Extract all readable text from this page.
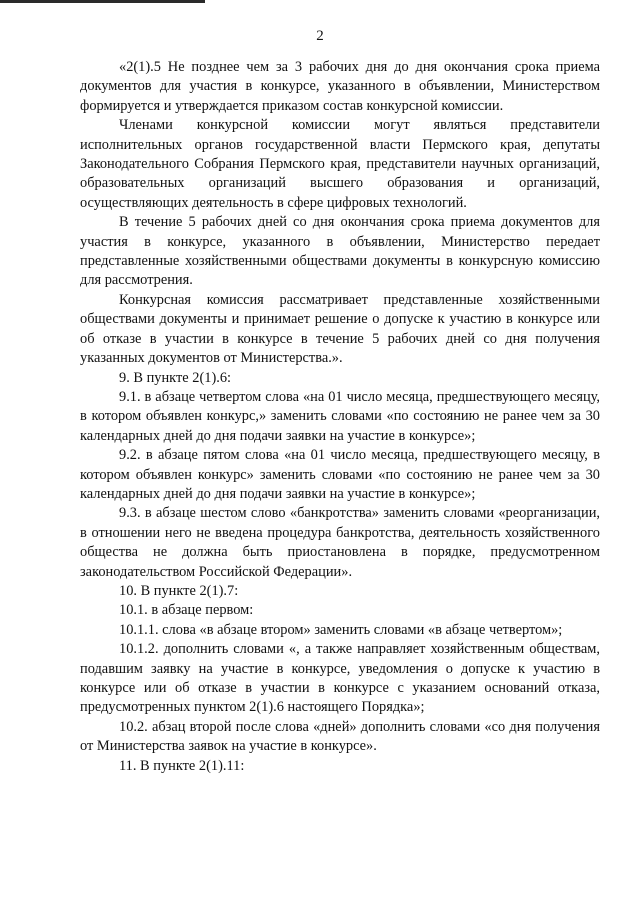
2

«2(1).5 Не позднее чем за 3 рабочих дня до дня окончания срока приема документов для участия в конкурсе, указанного в объявлении, Министерством формируется и утверждается приказом состав конкурсной комиссии.

Членами конкурсной комиссии могут являться представители исполнительных органов государственной власти Пермского края, депутаты Законодательного Собрания Пермского края, представители научных организаций, образовательных организаций высшего образования и организаций, осуществляющих деятельность в сфере цифровых технологий.

В течение 5 рабочих дней со дня окончания срока приема документов для участия в конкурсе, указанного в объявлении, Министерство передает представленные хозяйственными обществами документы в конкурсную комиссию для рассмотрения.

Конкурсная комиссия рассматривает представленные хозяйственными обществами документы и принимает решение о допуске к участию в конкурсе или об отказе в участии в конкурсе в течение 5 рабочих дней со дня получения указанных документов от Министерства.».

9. В пункте 2(1).6:

9.1. в абзаце четвертом слова «на 01 число месяца, предшествующего месяцу, в котором объявлен конкурс,» заменить словами «по состоянию не ранее чем за 30 календарных дней до дня подачи заявки на участие в конкурсе»;

9.2. в абзаце пятом слова «на 01 число месяца, предшествующего месяцу, в котором объявлен конкурс» заменить словами «по состоянию не ранее чем за 30 календарных дней до дня подачи заявки на участие в конкурсе»;

9.3. в абзаце шестом слово «банкротства» заменить словами «реорганизации, в отношении него не введена процедура банкротства, деятельность хозяйственного общества не должна быть приостановлена в порядке, предусмотренном законодательством Российской Федерации».

10. В пункте 2(1).7:

10.1. в абзаце первом:

10.1.1. слова «в абзаце втором» заменить словами «в абзаце четвертом»;

10.1.2. дополнить словами «, а также направляет хозяйственным обществам, подавшим заявку на участие в конкурсе, уведомления о допуске к участию в конкурсе или об отказе в участии в конкурсе с указанием оснований отказа, предусмотренных пунктом 2(1).6 настоящего Порядка»;

10.2. абзац второй после слова «дней» дополнить словами «со дня получения от Министерства заявок на участие в конкурсе».

11. В пункте 2(1).11:
